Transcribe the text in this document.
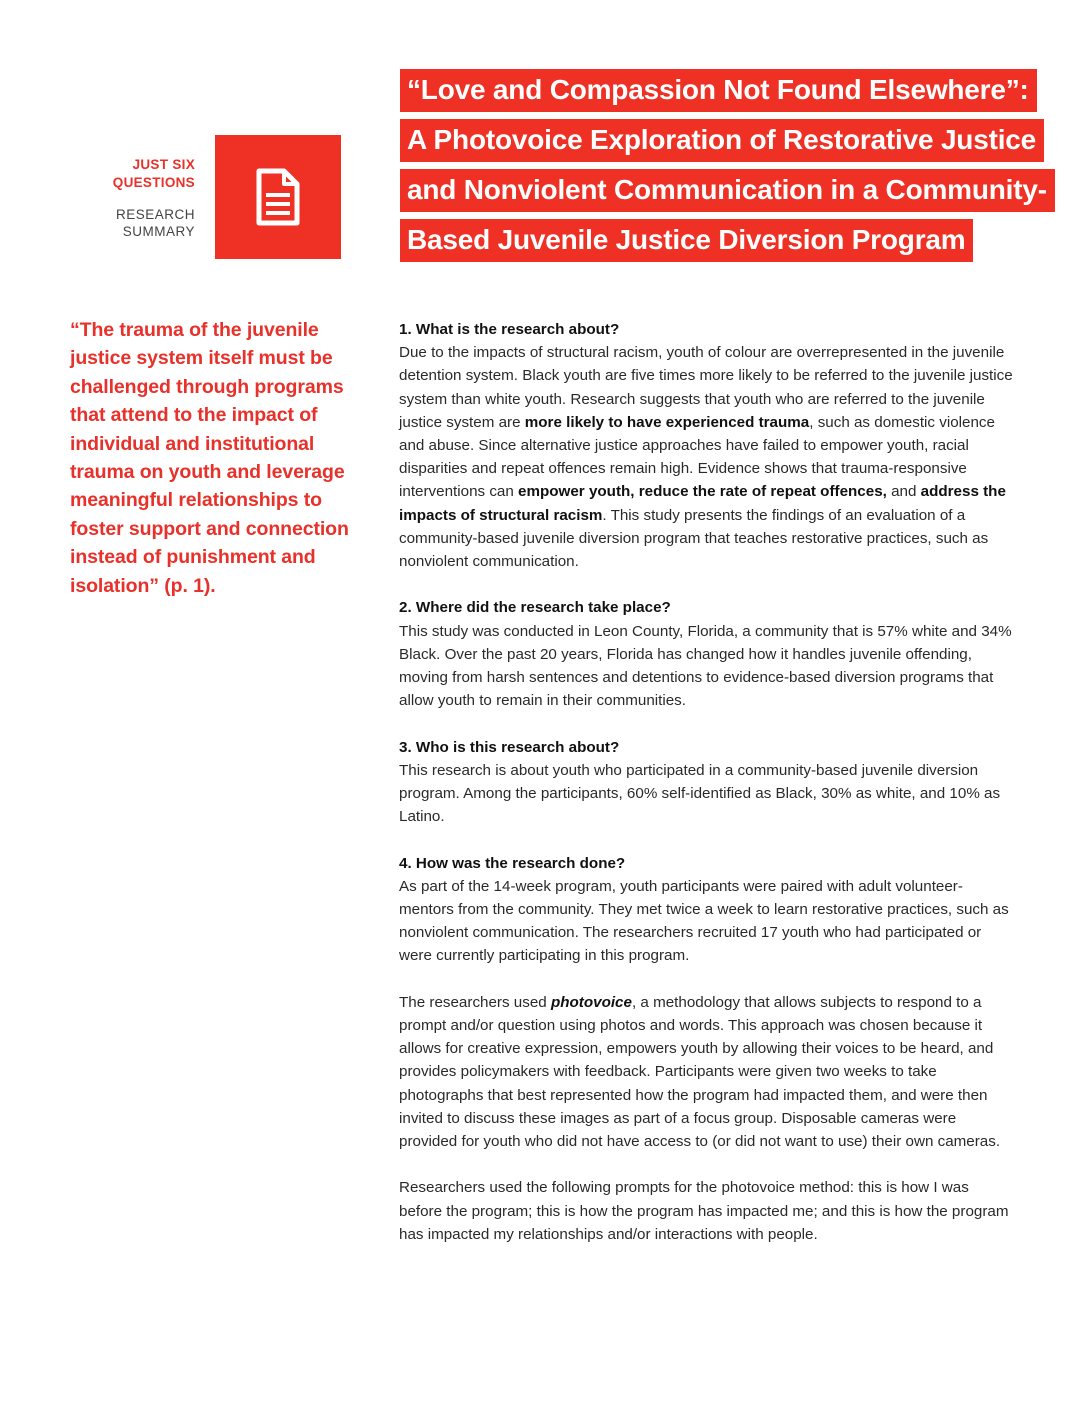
JUST SIX QUESTIONS
RESEARCH SUMMARY
“Love and Compassion Not Found Elsewhere”:
A Photovoice Exploration of Restorative Justice
and Nonviolent Communication in a Community-
Based Juvenile Justice Diversion Program

“The trauma of the juvenile justice system itself must be challenged through programs that attend to the impact of individual and institutional trauma on youth and leverage meaningful relationships to foster support and connection instead of punishment and isolation” (p. 1).

1. What is the research about?

Due to the impacts of structural racism, youth of colour are overrepresented in the juvenile detention system. Black youth are five times more likely to be referred to the juvenile justice system than white youth. Research suggests that youth who are referred to the juvenile justice system are more likely to have experienced trauma, such as domestic violence and abuse. Since alternative justice approaches have failed to empower youth, racial disparities and repeat offences remain high. Evidence shows that trauma-responsive interventions can empower youth, reduce the rate of repeat offences, and address the impacts of structural racism. This study presents the findings of an evaluation of a community-based juvenile diversion program that teaches restorative practices, such as nonviolent communication.

2. Where did the research take place?

This study was conducted in Leon County, Florida, a community that is 57% white and 34% Black. Over the past 20 years, Florida has changed how it handles juvenile offending, moving from harsh sentences and detentions to evidence-based diversion programs that allow youth to remain in their communities.

3. Who is this research about?

This research is about youth who participated in a community-based juvenile diversion program. Among the participants, 60% self-identified as Black, 30% as white, and 10% as Latino.

4. How was the research done?

As part of the 14-week program, youth participants were paired with adult volunteer-mentors from the community. They met twice a week to learn restorative practices, such as nonviolent communication. The researchers recruited 17 youth who had participated or were currently participating in this program.

The researchers used photovoice, a methodology that allows subjects to respond to a prompt and/or question using photos and words. This approach was chosen because it allows for creative expression, empowers youth by allowing their voices to be heard, and provides policymakers with feedback. Participants were given two weeks to take photographs that best represented how the program had impacted them, and were then invited to discuss these images as part of a focus group. Disposable cameras were provided for youth who did not have access to (or did not want to use) their own cameras.

Researchers used the following prompts for the photovoice method: this is how I was before the program; this is how the program has impacted me; and this is how the program has impacted my relationships and/or interactions with people.
